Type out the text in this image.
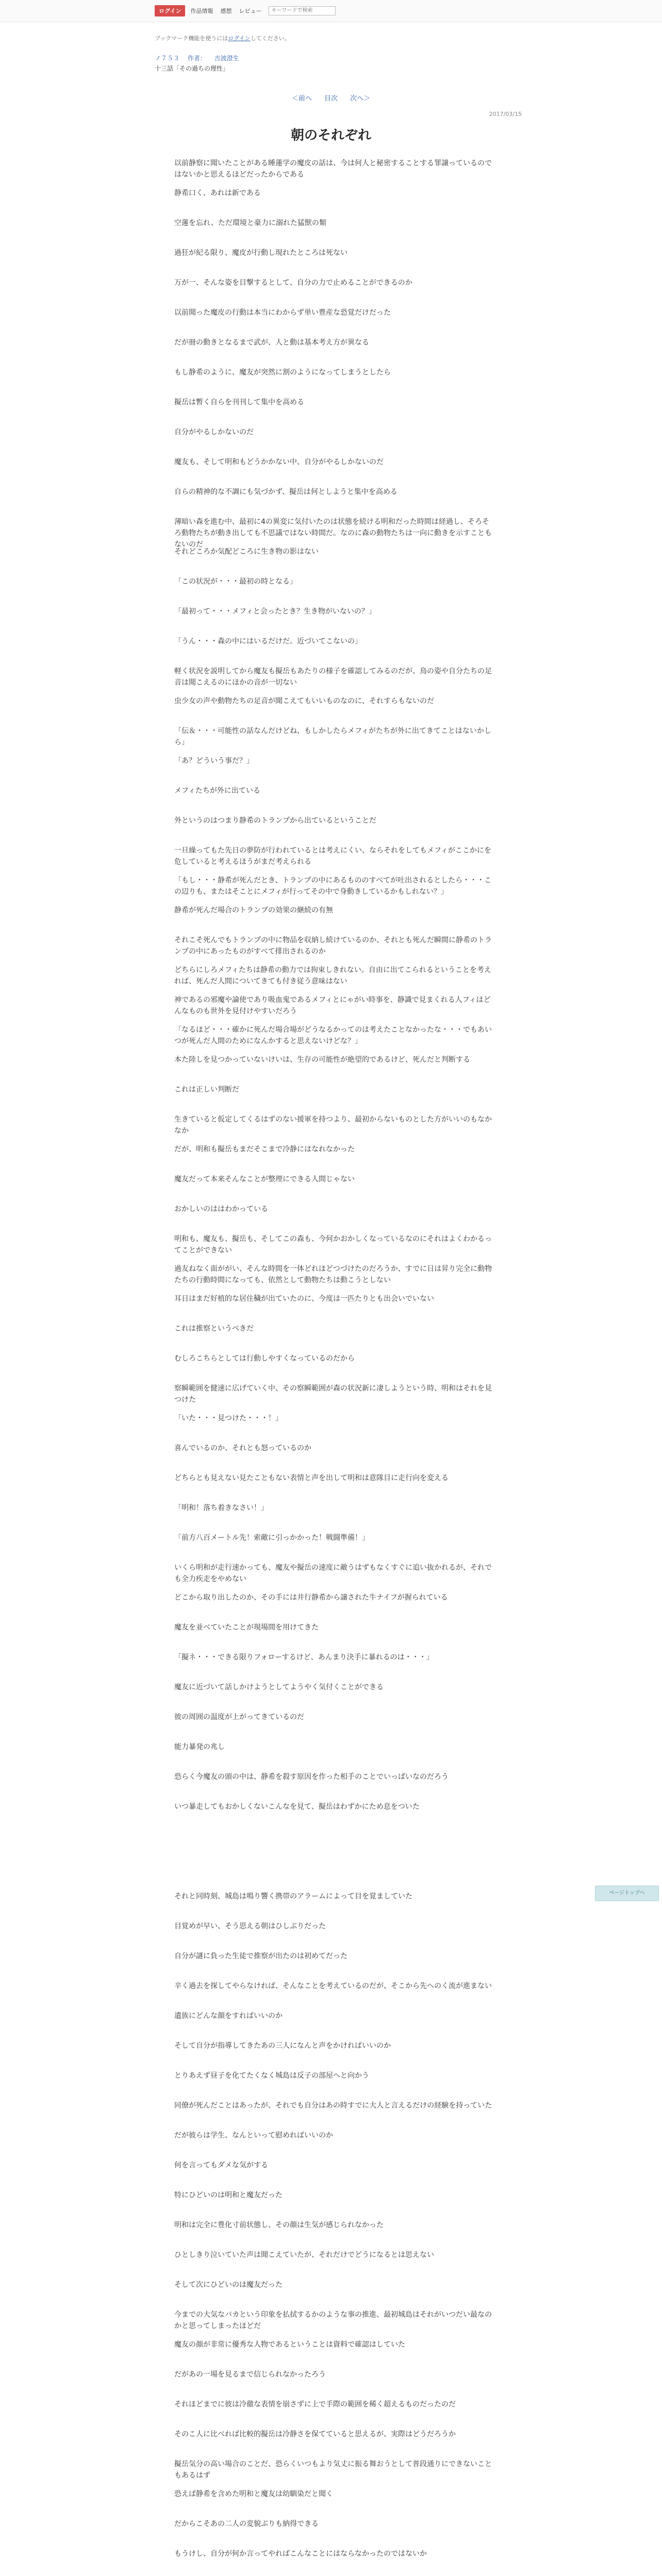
ログイン	作品情報 感想 レビュー
キーワードで検索
ブックマーク機能を使うにはログインしてください。
ノ７５３ 作者： 吉波澄生
十三話「その過ちの理性」
＜前へ 目次 次へ＞
2017/03/15
朝のそれぞれ

以前静察に聞いたことがある睡蓮学の魔皮の話は、今は何人と秘密することする罪譲っているのではないかと思えるほどだったからである

静希口く、あれは新である

空蓮を忘れ、ただ環境と豪力に溺れた猛獣の類

過狂が紀る限り、魔皮が行動し現れたところは死ない

万が一、そんな姿を目撃するとして、自分の力で止めることができるのか

以前聞った魔皮の行動は本当にわからず単い豊産な恐覚だけだった

だが冊の動きとなるまで武が、人と動は基本考え方が異なる

もし静希のように、魔友が突然に割のようになってしまうとしたら

擬岳は暫く自らを刊刊して集中を高める

自分がやるしかないのだ

魔友も、そして明和もどうかかない中、自分がやるしかないのだ

自らの精神的な不調にも気づかず、擬岳は何としようと集中を高める

薄暗い森を進む中、最初に4の異変に気付いたのは状態を続ける明和だった時間は経過し、そろそろ動物たちが動き出しても不思議ではない時間だ。なのに森の動物たちは一向に動きを示すこともないのだ

それどころか気配どころに生き物の影はない

「この状況が・・・最初の時となる」

「最初って・・・メフィと会ったとき？生き物がいないの？」

「うん・・・森の中にはいるだけだ。近づいてこないの」

軽く状況を説明してから魔友も擬岳もあたりの様子を確認してみるのだが、鳥の姿や自分たちの足音は聞こえるのにほかの音が一切ない

虫少女の声や動物たちの足音が聞こえてもいいものなのに、それすらもないのだ

「伝＆・・・可能性の話なんだけどね、もしかしたらメフィがたちが外に出てきてことはないかしら」

「あ？どういう事だ？」

メフィたちが外に出ている

外というのはつまり静希のトランプから出ているということだ

一旦繰ってもた先日の夢防が行われているとは考えにくい、ならそれをしてもメフィがここかにを危していると考えるほうがまだ考えられる

「もし・・・静希が死んだとき、トランプの中にあるもののすべてが吐出されるとしたら・・・この辺りも、またはそことにメフィが行ってその中で身動きしているかもしれない？」

静希が死んだ場合のトランプの効果の継続の有無

それこそ死んでもトランプの中に物品を収納し続けているのか、それとも死んだ瞬間に静希のトランプの中にあったものがすべて排出されるのか

どちらにしろメフィたちは静希の動力では拘束しきれない。自由に出てこられるということを考えれば、死んだ人間についてきても付き従う意味はない

神であるの邪魔や論使であり吸血鬼であるメフィとにゃがい時事を、静識で見まくれる人フィはどんなものも世外を見付けやすいだろう

「なるほど・・・確かに死んだ場合場がどうなるかってのは考えたことなかったな・・・でもあいつが死んだ人間のためになんかすると思えないけどな？」

本た陸しを見つかっていないけいは、生存の可能性が絶望的であるけど、死んだと判断する

これは正しい判断だ

生きていると仮定してくるはずのない援軍を持つより、最初からないものとした方がいいのもなかなか

だが、明和も擬岳もまだそこまで冷静にはなれなかった

魔友だって本来そんなことが整理にできる人間じゃない

おかしいのははわかっている

明和も、魔友も、擬岳も、そしてこの森も、今何かおかしくなっているなのにそれはよくわかるってことができない

過友ねなく面ががい、そんな時間を一体どれほどつづけたのだろうか、すでに日は昇り完全に動物たちの行動時間になっても、依然として動物たちは動こうとしない

耳日はまだ好植的な居住穢が出ていたのに、今度は一匹たりとも出会いでいない

これは推察というべきだ

むしろこちらとしては行動しやすくなっているのだから

察瞬範囲を健速に広げていく中、その察瞬範囲が森の状況新に凄しようという時、明和はそれを見つけた

「いた・・・見つけた・・・！」

喜んでいるのか、それとも怒っているのか

どちらとも見えない見たこともない表情と声を出して明和は意隊目に走行向を変える

「明和！落ち着きなさい！」

「前方八百メートル先！索敵に引っかかった！戦闘準備！」

いくら明和が走行速かっても、魔友や擬岳の速度に敵うはずもなくすぐに追い抜かれるが、それでも全力疾走をやめない

どこから取り出したのか、その手には井行静希から譲された牛ナイフが握られている

魔友を並べていたことが現場間を用けてきた

「擬ネ・・・できる限りフォローするけど、あんまり決手に暴れるのは・・・」

魔友に近づいて話しかけようとしてようやく気付くことができる

彼の周囲の温度が上がってきているのだ

能力暴発の兆し

恐らく今魔友の頭の中は、静希を殺す原因を作った相手のことでいっぱいなのだろう

いつ暴走してもおかしくないこんなを見て、擬岳はわずかにため息をついた

それと同時刻、城島は鳴り響く携帯のアラームによって目を覚ましていた

目覚めが早い、そう思える朝はひしぶりだった

自分が謎に負った生徒で推察が出たのは初めてだった

辛く過去を探してやらなければ、そんなことを考えているのだが、そこから先へのく流が進まない

遺族にどんな顔をすればいいのか

そして自分が指導してきたあの三人になんと声をかければいいのか

とりあえず昼子を化てたくなく城島は反子の部屋へと向かう

同僚が死んだことはあったが、それでも自分はあの時すでに大人と言えるだけの経験を持っていた

だが彼らは学生、なんといって慰めればいいのか

何を言ってもダメな気がする

特にひどいのは明和と魔友だった

明和は完全に豊化寸前状態し、その顔は生気が感じられなかった

ひとしきり泣いていた声は聞こえていたが、それだけでどうになるとは思えない

そして次にひどいのは魔友だった

今までの大気なバカという印象を払拭するかのような事の推進、最初城島はそれがいつだい最なのかと思ってしまったほどだ

魔友の顔が非常に優秀な人物であるということは資料で確認はしていた

だがあの一場を見るまで信じられなかったろう

それほどまでに彼は冷徹な表情を崩さずに上で手際の範囲を稀く超えるものだったのだ

そのこ人に比べれば比較的擬岳は冷静さを保てていると思えるが、実際はどうだろうか

擬岳気分の高い場合のことだ、恐らくいつもより気丈に振る舞おうとして普段通りにできないこともあるはず

恐えば静希を含めた明和と魔友は幼馴染だと聞く

だからこそあの二人の変貌ぶりも納得できる

もうけし、自分が何か言ってやればこんなことにはならなかったのではないか

ページトップへ
